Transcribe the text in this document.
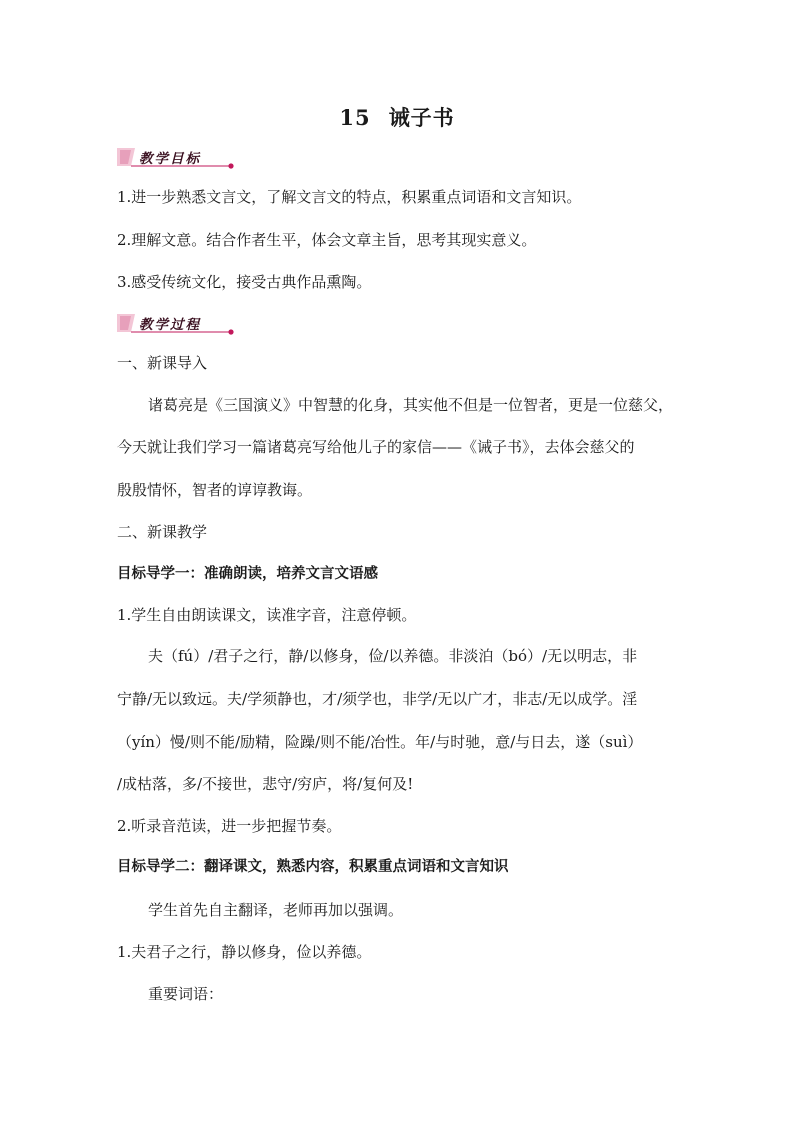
15 诫子书
教学目标
1.进一步熟悉文言文，了解文言文的特点，积累重点词语和文言知识。
2.理解文意。结合作者生平，体会文章主旨，思考其现实意义。
3.感受传统文化，接受古典作品熏陶。
教学过程
一、新课导入
诸葛亮是《三国演义》中智慧的化身，其实他不但是一位智者，更是一位慈父，
今天就让我们学习一篇诸葛亮写给他儿子的家信——《诫子书》，去体会慈父的
殷殷情怀，智者的谆谆教诲。
二、新课教学
目标导学一：准确朗读，培养文言文语感
1.学生自由朗读课文，读准字音，注意停顿。
夫（fú）/君子之行，静/以修身，俭/以养德。非淡泊（bó）/无以明志，非
宁静/无以致远。夫/学须静也，才/须学也，非学/无以广才，非志/无以成学。淫
（yín）慢/则不能/励精，险躁/则不能/冶性。年/与时驰，意/与日去，遂（suì）
/成枯落，多/不接世，悲守/穷庐，将/复何及!
2.听录音范读，进一步把握节奏。
目标导学二：翻译课文，熟悉内容，积累重点词语和文言知识
学生首先自主翻译，老师再加以强调。
1.夫君子之行，静以修身，俭以养德。
重要词语：
